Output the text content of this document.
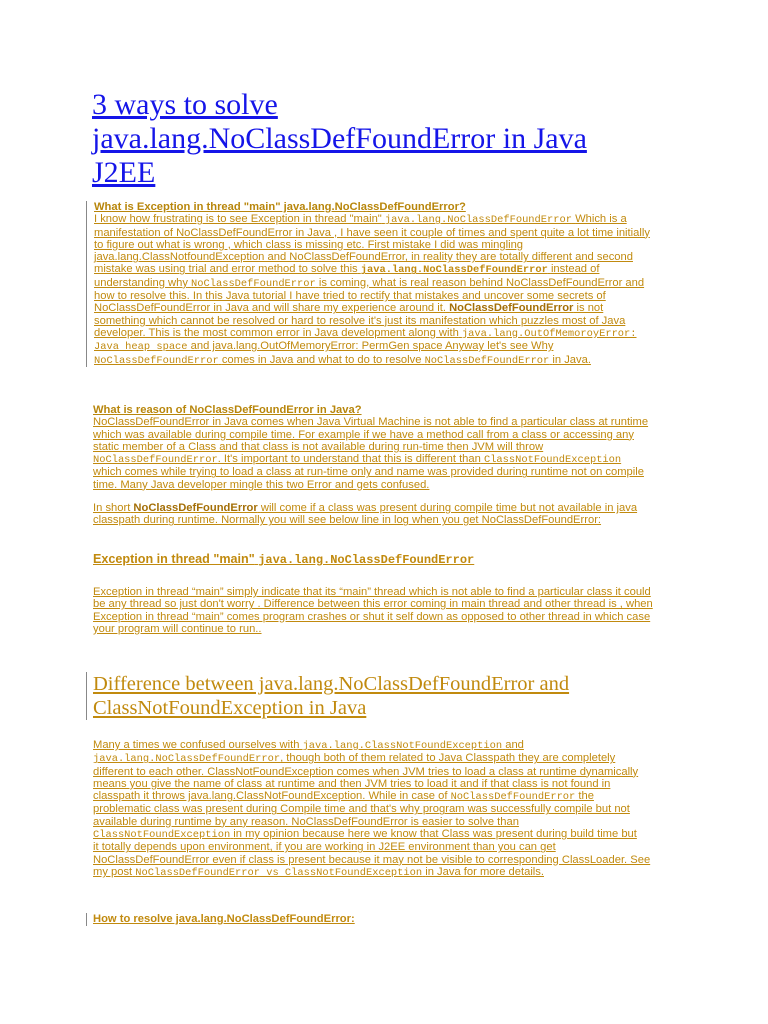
3 ways to solve
java.lang.NoClassDefFoundError in Java
J2EE
What is Exception in thread "main" java.lang.NoClassDefFoundError?
I know how frustrating is to see Exception in thread "main" java.lang.NoClassDefFoundError Which is a
manifestation of NoClassDefFoundError in Java , I have seen it couple of times and spent quite a lot time initially
to figure out what is wrong , which class is missing etc. First mistake I did was mingling
java.lang.ClassNotfoundException and NoClassDefFoundError, in reality they are totally different and second
mistake was using trial and error method to solve this java.lang.NoClassDefFoundError instead of
understanding why NoClassDefFoundError is coming, what is real reason behind NoClassDefFoundError and
how to resolve this. In this Java tutorial I have tried to rectify that mistakes and uncover some secrets of
NoClassDefFoundError in Java and will share my experience around it. NoClassDefFoundError is not
something which cannot be resolved or hard to resolve it's just its manifestation which puzzles most of Java
developer. This is the most common error in Java development along with java.lang.OutOfMemoroyError:
Java heap space and java.lang.OutOfMemoryError: PermGen space Anyway let's see Why
NoClassDefFoundError comes in Java and what to do to resolve NoClassDefFoundError in Java.
What is reason of NoClassDefFoundError in Java?
NoClassDefFoundError in Java comes when Java Virtual Machine is not able to find a particular class at runtime
which was available during compile time. For example if we have a method call from a class or accessing any
static member of a Class and that class is not available during run-time then JVM will throw
NoClassDefFoundError. It's important to understand that this is different than ClassNotFoundException
which comes while trying to load a class at run-time only and name was provided during runtime not on compile
time. Many Java developer mingle this two Error and gets confused.
In short NoClassDefFoundError will come if a class was present during compile time but not available in java
classpath during runtime. Normally you will see below line in log when you get NoClassDefFoundError:
Exception in thread "main" java.lang.NoClassDefFoundError
Exception in thread “main” simply indicate that its “main” thread which is not able to find a particular class it could
be any thread so just don't worry . Difference between this error coming in main thread and other thread is , when
Exception in thread “main” comes program crashes or shut it self down as opposed to other thread in which case
your program will continue to run..
Difference between java.lang.NoClassDefFoundError and
ClassNotFoundException in Java
Many a times we confused ourselves with java.lang.ClassNotFoundException and
java.lang.NoClassDefFoundError, though both of them related to Java Classpath they are completely
different to each other. ClassNotFoundException comes when JVM tries to load a class at runtime dynamically
means you give the name of class at runtime and then JVM tries to load it and if that class is not found in
classpath it throws java.lang.ClassNotFoundException. While in case of NoClassDefFoundError the
problematic class was present during Compile time and that's why program was successfully compile but not
available during runtime by any reason. NoClassDefFoundError is easier to solve than
ClassNotFoundException in my opinion because here we know that Class was present during build time but
it totally depends upon environment, if you are working in J2EE environment than you can get
NoClassDefFoundError even if class is present because it may not be visible to corresponding ClassLoader. See
my post NoClassDefFoundError vs ClassNotFoundException in Java for more details.
How to resolve java.lang.NoClassDefFoundError:
